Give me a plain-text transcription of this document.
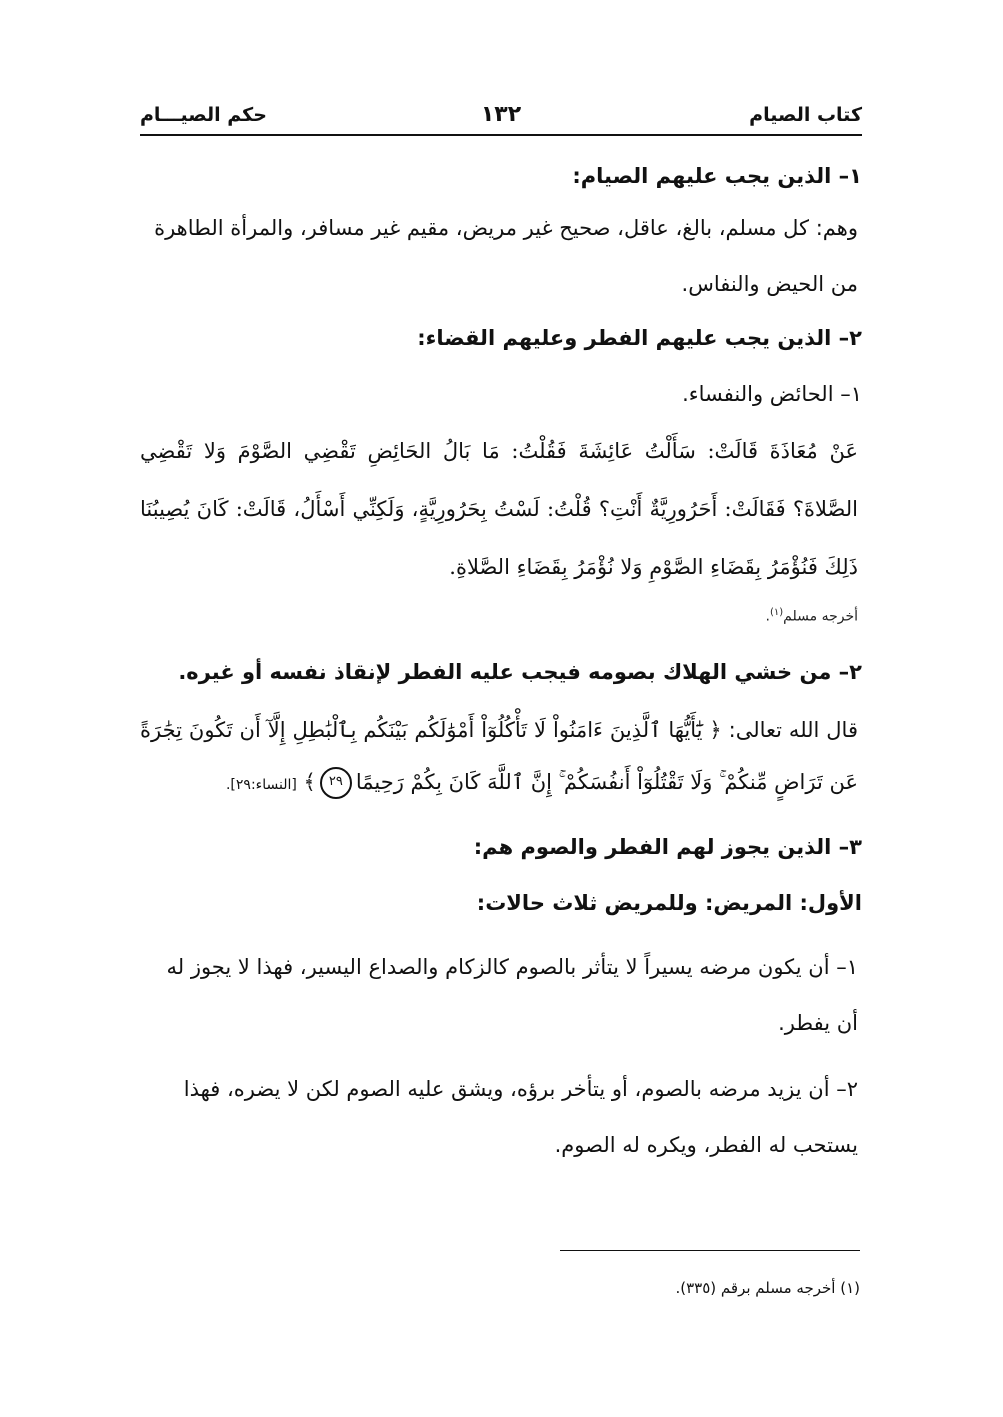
كتاب الصيام
١٣٢
حكم الصيـــام

١– الذين يجب عليهم الصيام:

وهم: كل مسلم، بالغ، عاقل، صحيح غير مريض، مقيم غير مسافر، والمرأة الطاهرة من الحيض والنفاس.

٢– الذين يجب عليهم الفطر وعليهم القضاء:

١– الحائض والنفساء.

عَنْ مُعَاذَةَ قَالَتْ: سَأَلْتُ عَائِشَةَ فَقُلْتُ: مَا بَالُ الحَائِضِ تَقْضِي الصَّوْمَ وَلا تَقْضِي الصَّلاةَ؟ فَقَالَتْ: أَحَرُورِيَّةٌ أَنْتِ؟ قُلْتُ: لَسْتُ بِحَرُورِيَّةٍ، وَلَكِنِّي أَسْأَلُ، قَالَتْ: كَانَ يُصِيبُنَا ذَلِكَ فَنُؤْمَرُ بِقَضَاءِ الصَّوْمِ وَلا نُؤْمَرُ بِقَضَاءِ الصَّلاةِ.

أخرجه مسلم$^{(١)}$.

٢– من خشي الهلاك بصومه فيجب عليه الفطر لإنقاذ نفسه أو غيره.

قال الله تعالى: ﴿ يَٰٓأَيُّهَا ٱلَّذِينَ ءَامَنُواْ لَا تَأْكُلُوٓاْ أَمْوَٰلَكُم بَيْنَكُم بِٱلْبَٰطِلِ إِلَّآ أَن تَكُونَ تِجَٰرَةً عَن تَرَاضٍ مِّنكُمْ ۚ وَلَا تَقْتُلُوٓاْ أَنفُسَكُمْ ۚ إِنَّ ٱللَّهَ كَانَ بِكُمْ رَحِيمًا٢٩﴾ [النساء:٢٩].

٣– الذين يجوز لهم الفطر والصوم هم:

الأول: المريض: وللمريض ثلاث حالات:

١– أن يكون مرضه يسيراً لا يتأثر بالصوم كالزكام والصداع اليسير، فهذا لا يجوز له أن يفطر.

٢– أن يزيد مرضه بالصوم، أو يتأخر برؤه، ويشق عليه الصوم لكن لا يضره، فهذا يستحب له الفطر، ويكره له الصوم.

(١) أخرجه مسلم برقم (٣٣٥).
